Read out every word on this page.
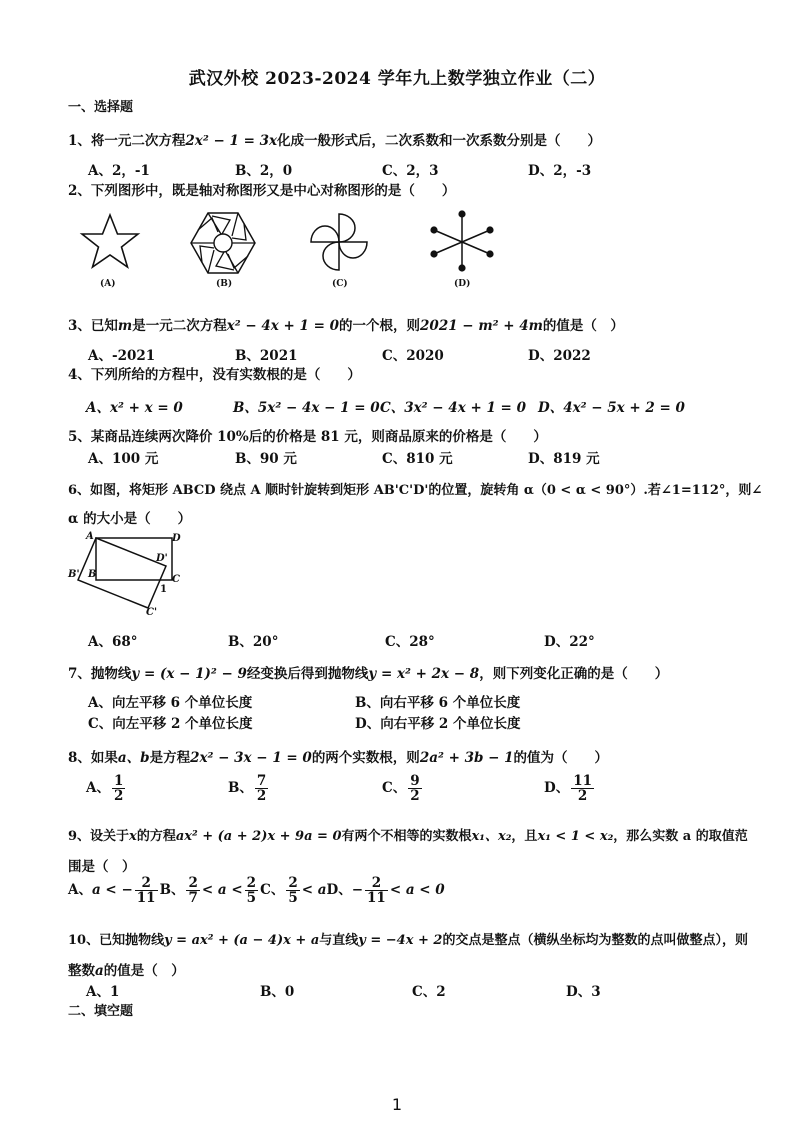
武汉外校 2023-2024 学年九上数学独立作业（二）
一、选择题
1、将一元二次方程2x² − 1 = 3x化成一般形式后，二次系数和一次系数分别是（　　）
A、2，-1	B、2，0	C、2，3	D、2，-3
2、下列图形中，既是轴对称图形又是中心对称图形的是（　　）
(A)	(B)	(C)	(D)
3、已知m是一元二次方程x² − 4x + 1 = 0的一个根，则2021 − m² + 4m的值是（　）
A、-2021	B、2021	C、2020	D、2022
4、下列所给的方程中，没有实数根的是（　　）
A、x² + x = 0	B、5x² − 4x − 1 = 0 C、3x² − 4x + 1 = 0 D、4x² − 5x + 2 = 0
5、某商品连续两次降价 10%后的价格是 81 元，则商品原来的价格是（　　）
A、100 元	B、90 元	C、810 元	D、819 元
6、如图，将矩形 ABCD 绕点 A 顺时针旋转到矩形 AB'C'D'的位置，旋转角 α（0 < α < 90°）.若∠1=112°，则∠
α 的大小是（　　）
A	D
D'
B' B	C
1
C'
A、68°	B、20°	C、28°	D、22°
7、抛物线y = (x − 1)² − 9经变换后得到抛物线y = x² + 2x − 8，则下列变化正确的是（　　）
A、向左平移 6 个单位长度	B、向右平移 6 个单位长度
C、向左平移 2 个单位长度	D、向右平移 2 个单位长度
8、如果a、b是方程2x² − 3x − 1 = 0的两个实数根，则2a² + 3b − 1的值为（　　）
A、 $\frac{1}{2}$	B、 $\frac{7}{2}$	C、 $\frac{9}{2}$	D、 $\frac{11}{2}$
9、设关于x的方程ax² + (a + 2)x + 9a = 0有两个不相等的实数根x₁、x₂，且x₁ < 1 < x₂，那么实数 a 的取值范
围是（　）
A、a < − $\frac{2}{11}$ B、 $\frac{2}{7} < a < \frac{2}{5}$ C、 $\frac{2}{5}$ < aD、− $\frac{2}{11} < a < 0$
10、已知抛物线y = ax² + (a − 4)x + a与直线y = −4x + 2的交点是整点（横纵坐标均为整数的点叫做整点），则
整数a的值是（　）
A、1	B、0	C、2	D、3
二、填空题
1
